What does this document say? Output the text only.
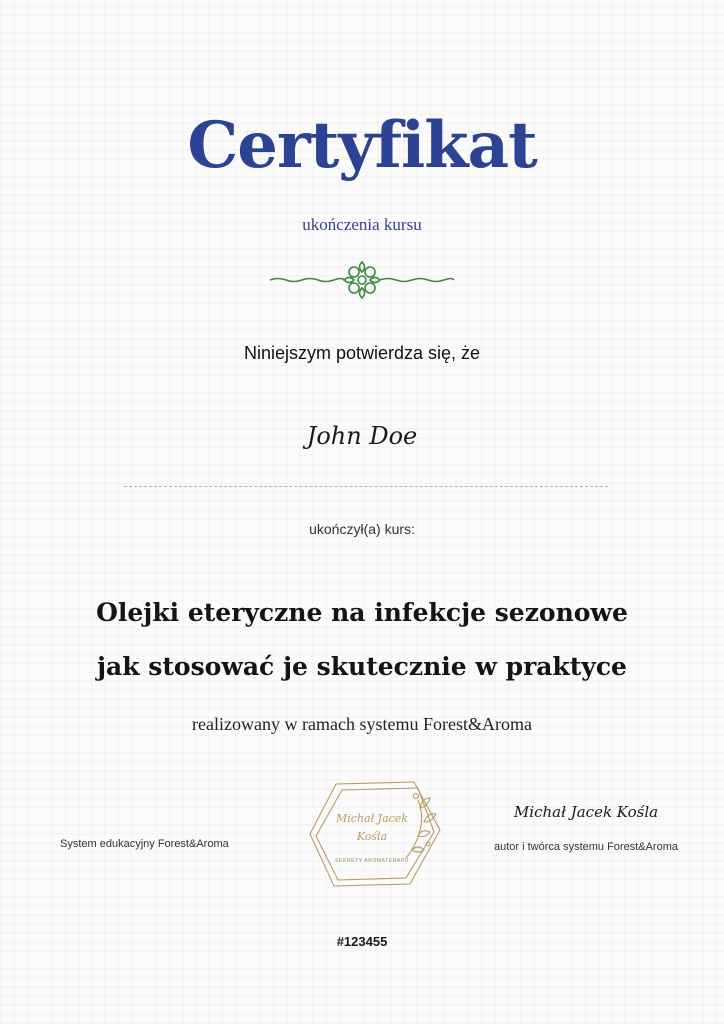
Certyfikat
ukończenia kursu
Niniejszym potwierdza się, że
John Doe
ukończył(a) kurs:
Olejki eteryczne na infekcje sezonowe
jak stosować je skutecznie w praktyce
realizowany w ramach systemu Forest&Aroma
System edukacyjny Forest&Aroma
Michał Jacek
Kośla
SEKRETY AROMATERAPII
Michał Jacek Kośla
autor i twórca systemu Forest&Aroma
#123455
